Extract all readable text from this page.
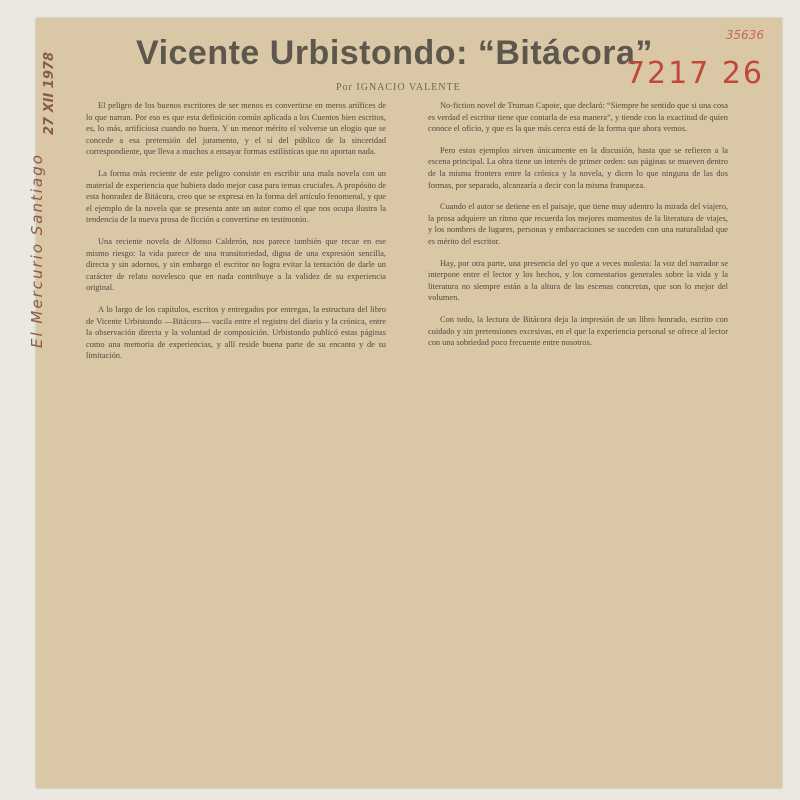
Vicente Urbistondo: “Bitácora”
Por IGNACIO VALENTE

El peligro de los buenos escritores de ser menos es convertirse en meros artífices de lo que narran. Por eso es que esta definición común aplicada a los Cuentos bien escritos, es, lo más, artificiosa cuando no huera. Y un menor mérito el volverse un elogio que se concede a esa pretensión del juramento, y el sí del público de la sinceridad correspondiente, que lleva a muchos a ensayar formas estilísticas que no aportan nada.

La forma más reciente de este peligro consiste en escribir una mala novela con un material de experiencia que hubiera dado mejor casa para temas cruciales. A propósito de esta honradez de Bitácora, creo que se expresa en la forma del artículo fenomenal, y que el ejemplo de la novela que se presenta ante un autor como el que nos ocupa ilustra la tendencia de la nueva prosa de ficción a convertirse en testimonio.

Una reciente novela de Alfonso Calderón, nos parece también que recae en ese mismo riesgo: la vida parece de una transitoriedad, digna de una expresión sencilla, directa y sin adornos, y sin embargo el escritor no logra evitar la tentación de darle un carácter de relato novelesco que en nada contribuye a la validez de su experiencia original.

A lo largo de los capítulos, escritos y entregados por entregas, la estructura del libro de Vicente Urbistondo —Bitácora— vacila entre el registro del diario y la crónica, entre la observación directa y la voluntad de composición. Urbistondo publicó estas páginas como una memoria de experiencias, y allí reside buena parte de su encanto y de su limitación.

No-fiction novel de Truman Capote, que declaró: “Siempre he sentido que si una cosa es verdad el escritor tiene que contarla de esa manera”, y tiende con la exactitud de quien conoce el oficio, y que es la que más cerca está de la forma que ahora vemos.

Pero estos ejemplos sirven únicamente en la discusión, hasta que se refieren a la escena principal. La obra tiene un interés de primer orden: sus páginas se mueven dentro de la misma frontera entre la crónica y la novela, y dicen lo que ninguna de las dos formas, por separado, alcanzaría a decir con la misma franqueza.

Cuando el autor se detiene en el paisaje, que tiene muy adentro la mirada del viajero, la prosa adquiere un ritmo que recuerda los mejores momentos de la literatura de viajes, y los nombres de lugares, personas y embarcaciones se suceden con una naturalidad que es mérito del escritor.

Hay, por otra parte, una presencia del yo que a veces molesta: la voz del narrador se interpone entre el lector y los hechos, y los comentarios generales sobre la vida y la literatura no siempre están a la altura de las escenas concretas, que son lo mejor del volumen.

Con todo, la lectura de Bitácora deja la impresión de un libro honrado, escrito con cuidado y sin pretensiones excesivas, en el que la experiencia personal se ofrece al lector con una sobriedad poco frecuente entre nosotros.

El Mercurio Santiago
27 XII 1978
35636
7217 26
